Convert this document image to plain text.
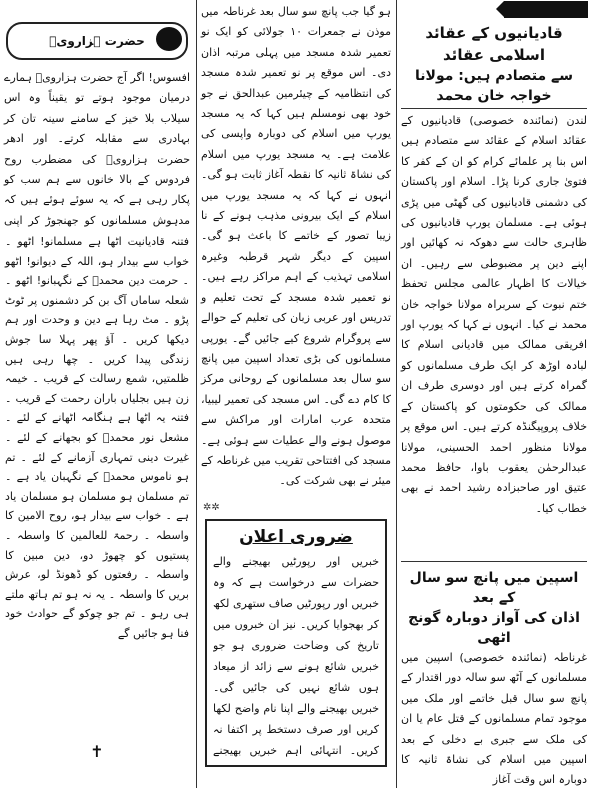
قادیانیوں کے عقائد اسلامی عقائد

سے متصادم ہیں: مولانا خواجہ خان محمد

لندن (نمائندہ خصوصی) قادیانیوں کے عقائد اسلام کے عقائد سے متصادم ہیں اس بنا پر علمائے کرام کو ان کے کفر کا فتویٰ جاری کرنا پڑا۔ اسلام اور پاکستان کی دشمنی قادیانیوں کی گھٹی میں پڑی ہوئی ہے۔ مسلمان یورپ قادیانیوں کی ظاہری حالت سے دھوکہ نہ کھائیں اور اپنے دین پر مضبوطی سے رہیں۔ ان خیالات کا اظہار عالمی مجلس تحفظ ختم نبوت کے سربراہ مولانا خواجہ خان محمد نے کیا۔ انہوں نے کہا کہ یورپ اور افریقی ممالک میں قادیانی اسلام کا لبادہ اوڑھ کر ایک طرف مسلمانوں کو گمراہ کرتے ہیں اور دوسری طرف ان ممالک کی حکومتوں کو پاکستان کے خلاف پروپیگنڈہ کرتے ہیں۔ اس موقع پر مولانا منظور احمد الحسینی، مولانا عبدالرحمٰن یعقوب باوا، حافظ محمد عتیق اور صاحبزادہ رشید احمد نے بھی خطاب کیا۔

اسپین میں پانچ سو سال کے بعد

اذان کی آواز دوبارہ گونج اٹھی

غرناطہ (نمائندہ خصوصی) اسپین میں مسلمانوں کے آٹھ سو سالہ دور اقتدار کے پانچ سو سال قبل خاتمے اور ملک میں موجود تمام مسلمانوں کے قتل عام یا ان کی ملک سے جبری بے دخلی کے بعد اسپین میں اسلام کی نشاۃ ثانیہ کا دوبارہ اس وقت آغاز

ہو گیا جب پانچ سو سال بعد غرناطہ میں موذن نے جمعرات ۱۰ جولائی کو ایک نو تعمیر شدہ مسجد میں پہلی مرتبہ اذان دی۔ اس موقع پر نو تعمیر شدہ مسجد کی انتظامیہ کے چیئرمین عبدالحق نے جو خود بھی نومسلم ہیں کہا کہ یہ مسجد یورپ میں اسلام کی دوبارہ واپسی کی علامت ہے۔ یہ مسجد یورپ میں اسلام کی نشاۃ ثانیہ کا نقطہ آغاز ثابت ہو گی۔ انہوں نے کہا کہ یہ مسجد یورپ میں اسلام کے ایک بیرونی مذہب ہونے کے نا زیبا تصور کے خاتمے کا باعث ہو گی۔ اسپین کے دیگر شہر قرطبہ وغیرہ اسلامی تہذیب کے اہم مراکز رہے ہیں۔ نو تعمیر شدہ مسجد کے تحت تعلیم و تدریس اور عربی زبان کی تعلیم کے حوالے سے پروگرام شروع کیے جائیں گے۔ یورپی مسلمانوں کی بڑی تعداد اسپین میں پانچ سو سال بعد مسلمانوں کے روحانی مرکز کا کام دے گی۔ اس مسجد کی تعمیر لیبیا، متحدہ عرب امارات اور مراکش سے موصول ہونے والے عطیات سے ہوئی ہے۔ مسجد کی افتتاحی تقریب میں غرناطہ کے میئر نے بھی شرکت کی۔

✲✲
ضروری اعلان

خبریں اور رپورٹیں بھیجنے والے حضرات سے درخواست ہے کہ وہ خبریں اور رپورٹیں صاف ستھری لکھ کر بھجوایا کریں۔ نیز ان خبروں میں تاریخ کی وضاحت ضروری ہو جو خبریں شائع ہونے سے زائد از میعاد ہوں شائع نہیں کی جائیں گی۔ خبریں بھیجنے والے اپنا نام واضح لکھا کریں اور صرف دستخط پر اکتفا نہ کریں۔ انتہائی اہم خبریں بھیجنے

حضرت ہزارویؒ

افسوس! اگر آج حضرت ہزارویؒ ہمارے درمیان موجود ہوتے تو یقیناً وہ اس سیلاب بلا خیز کے سامنے سینہ تان کر بہادری سے مقابلہ کرتے۔ اور ادھر حضرت ہزارویؒ کی مضطرب روح فردوس کے بالا خانوں سے ہم سب کو پکار رہی ہے کہ یہ سوئے ہوئے ہیں کہ مدہوش مسلمانوں کو جھنجوڑ کر اپنی

فتنہ قادیانیت اٹھا ہے مسلمانو! اٹھو ۔ خواب سے بیدار ہو، اللہ کے دیوانو! اٹھو ۔ حرمت دین محمدؐ کے نگہبانو! اٹھو ۔ شعلہ ساماں آگ بن کر دشمنوں پر ٹوٹ پڑو ۔ مٹ رہا ہے دین و وحدت اور ہم دیکھا کریں ۔ آؤ پھر پہلا سا جوش زندگی پیدا کریں ۔ چھا رہی ہیں ظلمتیں، شمع رسالت کے قریب ۔ خیمہ زن ہیں بجلیاں باران رحمت کے قریب ۔ فتنہ یہ اٹھا ہے ہنگامہ اٹھانے کے لئے ۔ مشعل نور محمدؐ کو بجھانے کے لئے ۔ غیرت دینی تمہاری آزمانے کے لئے ۔ تم ہو ناموس محمدؐ کے نگہبان یاد ہے ۔ تم مسلمان ہو مسلمان ہو مسلمان یاد ہے ۔ خواب سے بیدار ہو، روح الامین کا واسطہ ۔ رحمۃ للعالمین کا واسطہ ۔ پستیوں کو چھوڑ دو، دین مبین کا واسطہ ۔ رفعتوں کو ڈھونڈ لو، عرش بریں کا واسطہ ۔ یہ نہ ہو تم ہاتھ ملتے ہی رہو ۔ تم جو چوکو گے حوادث خود فنا ہو جائیں گے

✝
